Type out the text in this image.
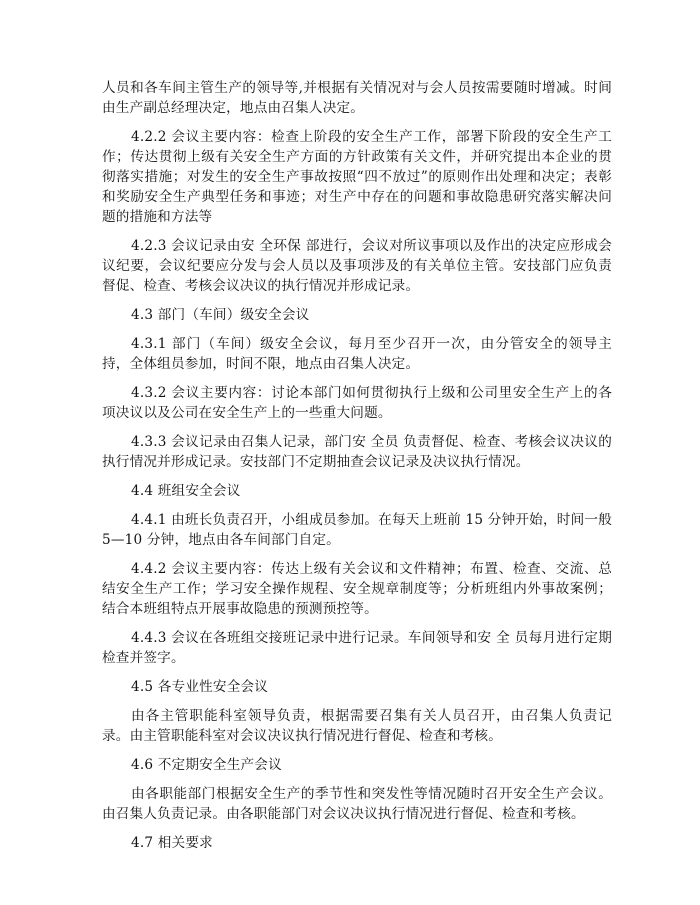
人员和各车间主管生产的领导等,并根据有关情况对与会人员按需要随时增减。时间由生产副总经理决定，地点由召集人决定。

4.2.2 会议主要内容：检查上阶段的安全生产工作，部署下阶段的安全生产工作；传达贯彻上级有关安全生产方面的方针政策有关文件，并研究提出本企业的贯彻落实措施；对发生的安全生产事故按照“四不放过”的原则作出处理和决定；表彰和奖励安全生产典型任务和事迹；对生产中存在的问题和事故隐患研究落实解决问题的措施和方法等

4.2.3 会议记录由安 全环保 部进行，会议对所议事项以及作出的决定应形成会议纪要，会议纪要应分发与会人员以及事项涉及的有关单位主管。安技部门应负责督促、检查、考核会议决议的执行情况并形成记录。

4.3 部门（车间）级安全会议

4.3.1 部门（车间）级安全会议，每月至少召开一次，由分管安全的领导主持，全体组员参加，时间不限，地点由召集人决定。

4.3.2 会议主要内容：讨论本部门如何贯彻执行上级和公司里安全生产上的各项决议以及公司在安全生产上的一些重大问题。

4.3.3 会议记录由召集人记录，部门安 全员 负责督促、检查、考核会议决议的执行情况并形成记录。安技部门不定期抽查会议记录及决议执行情况。

4.4 班组安全会议

4.4.1 由班长负责召开，小组成员参加。在每天上班前 15 分钟开始，时间一般 5—10 分钟，地点由各车间部门自定。

4.4.2 会议主要内容：传达上级有关会议和文件精神；布置、检查、交流、总结安全生产工作；学习安全操作规程、安全规章制度等；分析班组内外事故案例；结合本班组特点开展事故隐患的预测预控等。

4.4.3 会议在各班组交接班记录中进行记录。车间领导和安 全 员每月进行定期检查并签字。

4.5 各专业性安全会议

由各主管职能科室领导负责，根据需要召集有关人员召开，由召集人负责记录。由主管职能科室对会议决议执行情况进行督促、检查和考核。

4.6 不定期安全生产会议

由各职能部门根据安全生产的季节性和突发性等情况随时召开安全生产会议。由召集人负责记录。由各职能部门对会议决议执行情况进行督促、检查和考核。

4.7 相关要求
